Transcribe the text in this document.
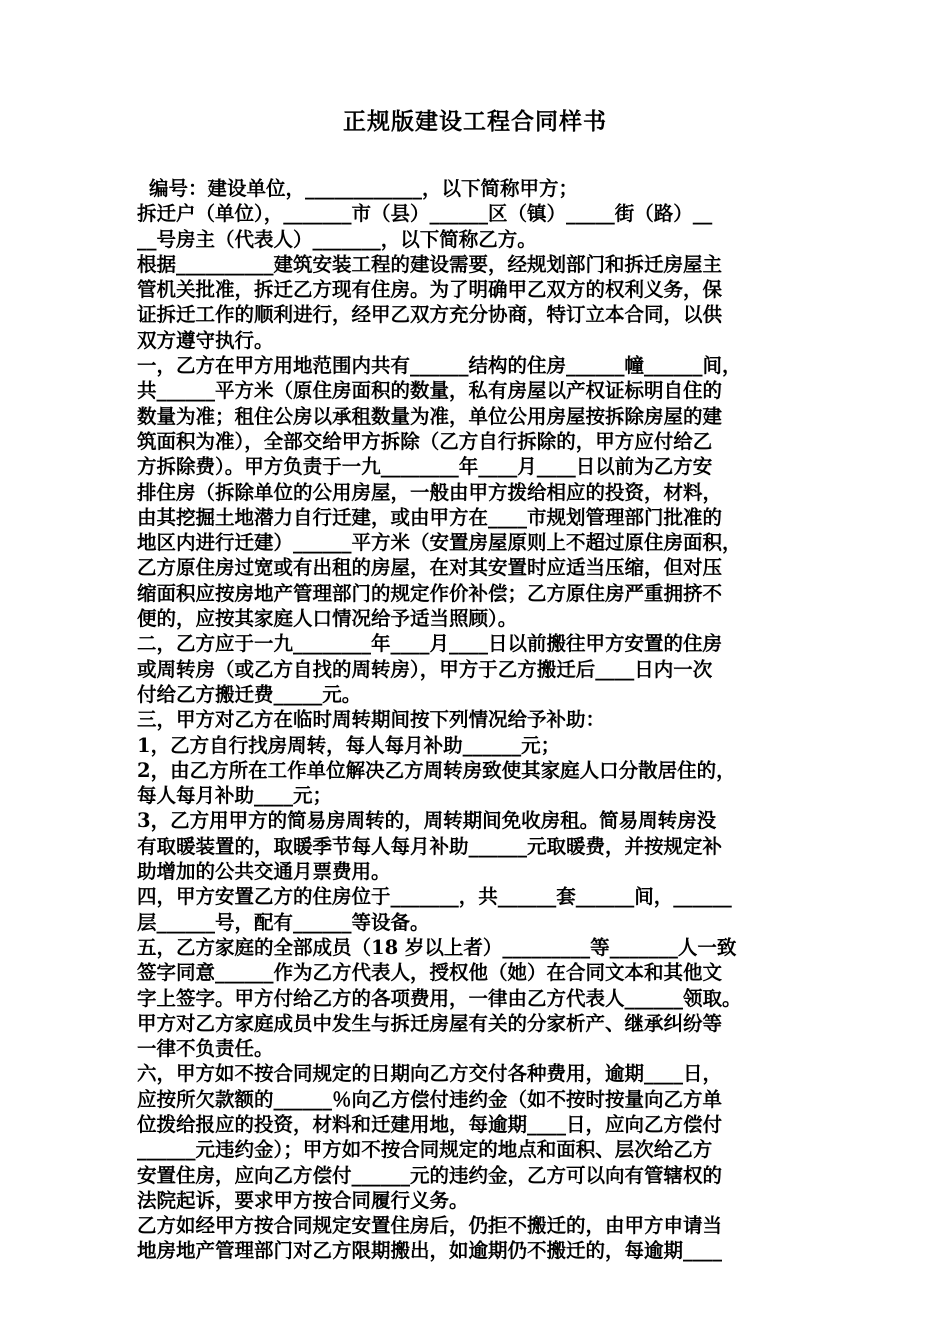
正规版建设工程合同样书
编号：建设单位，____________，以下简称甲方；
拆迁户（单位），_______市（县）______区（镇）_____街（路）__
__号房主（代表人）_______，以下简称乙方。
根据__________建筑安装工程的建设需要，经规划部门和拆迁房屋主
管机关批准，拆迁乙方现有住房。为了明确甲乙双方的权利义务，保
证拆迁工作的顺利进行，经甲乙双方充分协商，特订立本合同，以供
双方遵守执行。
一，乙方在甲方用地范围内共有______结构的住房______幢______间，
共______平方米（原住房面积的数量，私有房屋以产权证标明自住的
数量为准；租住公房以承租数量为准，单位公用房屋按拆除房屋的建
筑面积为准），全部交给甲方拆除（乙方自行拆除的，甲方应付给乙
方拆除费）。甲方负责于一九________年____月____日以前为乙方安
排住房（拆除单位的公用房屋，一般由甲方拨给相应的投资，材料，
由其挖掘土地潜力自行迁建，或由甲方在____市规划管理部门批准的
地区内进行迁建）______平方米（安置房屋原则上不超过原住房面积，
乙方原住房过宽或有出租的房屋，在对其安置时应适当压缩，但对压
缩面积应按房地产管理部门的规定作价补偿；乙方原住房严重拥挤不
便的，应按其家庭人口情况给予适当照顾）。
二，乙方应于一九________年____月____日以前搬往甲方安置的住房
或周转房（或乙方自找的周转房），甲方于乙方搬迁后____日内一次
付给乙方搬迁费_____元。
三，甲方对乙方在临时周转期间按下列情况给予补助：
1，乙方自行找房周转，每人每月补助______元；
2，由乙方所在工作单位解决乙方周转房致使其家庭人口分散居住的，
每人每月补助____元；
3，乙方用甲方的简易房周转的，周转期间免收房租。简易周转房没
有取暖装置的，取暖季节每人每月补助______元取暖费，并按规定补
助增加的公共交通月票费用。
四，甲方安置乙方的住房位于_______，共______套______间，______
层______号，配有______等设备。
五，乙方家庭的全部成员（18 岁以上者）_________等_______人一致
签字同意______作为乙方代表人，授权他（她）在合同文本和其他文
字上签字。甲方付给乙方的各项费用，一律由乙方代表人______领取。
甲方对乙方家庭成员中发生与拆迁房屋有关的分家析产、继承纠纷等
一律不负责任。
六，甲方如不按合同规定的日期向乙方交付各种费用，逾期____日，
应按所欠款额的______％向乙方偿付违约金（如不按时按量向乙方单
位拨给报应的投资，材料和迁建用地，每逾期____日，应向乙方偿付
______元违约金）；甲方如不按合同规定的地点和面积、层次给乙方
安置住房，应向乙方偿付______元的违约金，乙方可以向有管辖权的
法院起诉，要求甲方按合同履行义务。
乙方如经甲方按合同规定安置住房后，仍拒不搬迁的，由甲方申请当
地房地产管理部门对乙方限期搬出，如逾期仍不搬迁的，每逾期____
